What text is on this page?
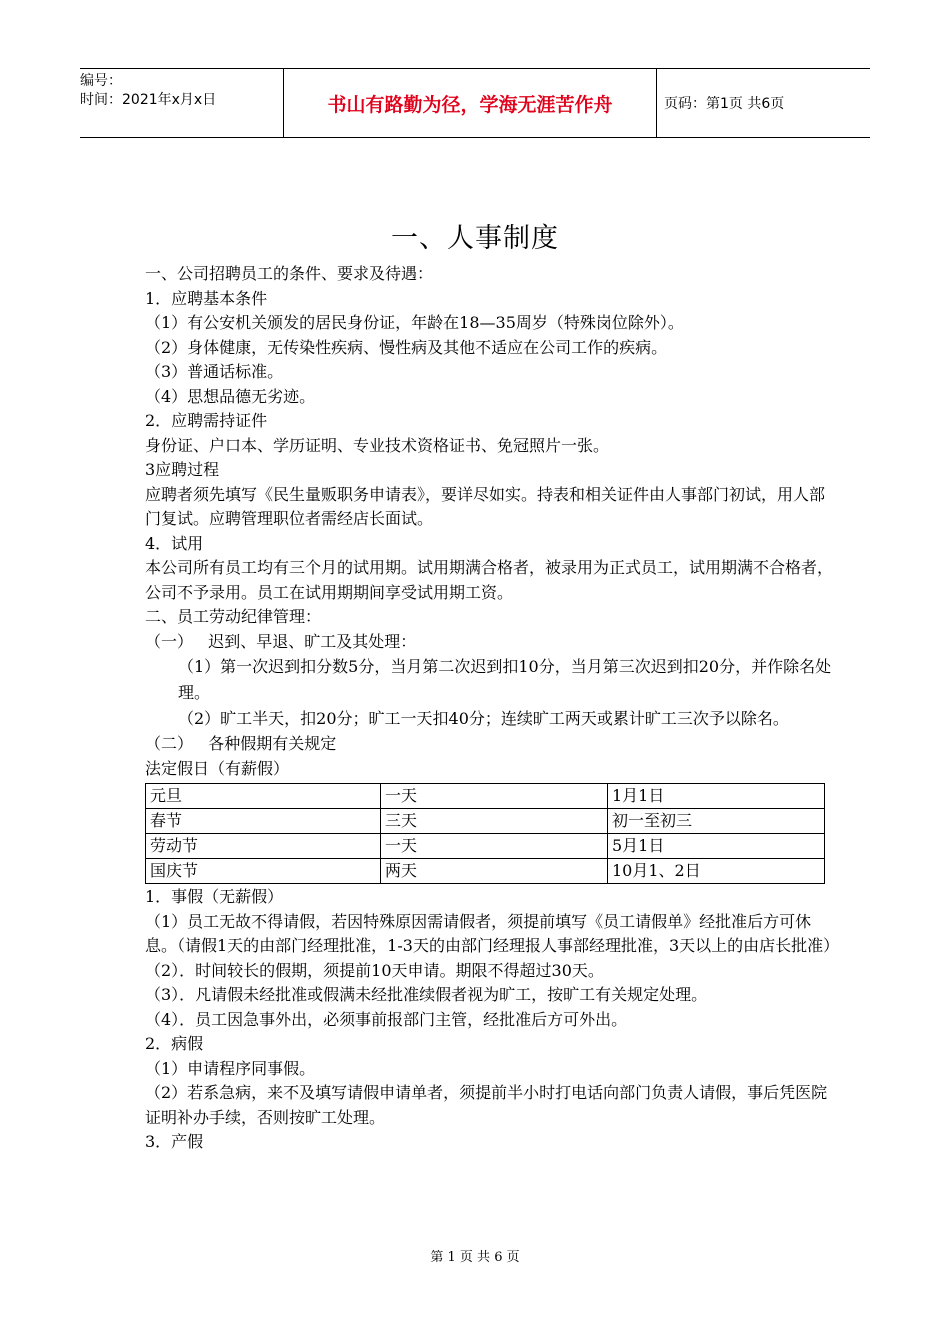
编号：
时间：2021年x月x日	书山有路勤为径，学海无涯苦作舟	页码：第1页 共6页
一、人事制度
一、公司招聘员工的条件、要求及待遇：
1．应聘基本条件
（1）有公安机关颁发的居民身份证，年龄在18—35周岁（特殊岗位除外）。
（2）身体健康，无传染性疾病、慢性病及其他不适应在公司工作的疾病。
（3）普通话标准。
（4）思想品德无劣迹。
2．应聘需持证件
身份证、户口本、学历证明、专业技术资格证书、免冠照片一张。
3应聘过程
应聘者须先填写《民生量贩职务申请表》，要详尽如实。持表和相关证件由人事部门初试，用人部门复试。应聘管理职位者需经店长面试。
4．试用
本公司所有员工均有三个月的试用期。试用期满合格者，被录用为正式员工，试用期满不合格者，公司不予录用。员工在试用期期间享受试用期工资。
二、员工劳动纪律管理：
（一）   迟到、早退、旷工及其处理：
（1）第一次迟到扣分数5分，当月第二次迟到扣10分，当月第三次迟到扣20分，并作除名处理。
（2）旷工半天，扣20分；旷工一天扣40分；连续旷工两天或累计旷工三次予以除名。
（二）   各种假期有关规定
法定假日（有薪假）
元旦	一天	1月1日
春节	三天	初一至初三
劳动节	一天	5月1日
国庆节	两天	10月1、2日
1．事假（无薪假）
（1）员工无故不得请假，若因特殊原因需请假者，须提前填写《员工请假单》经批准后方可休息。（请假1天的由部门经理批准，1-3天的由部门经理报人事部经理批准，3天以上的由店长批准）
（2）．时间较长的假期，须提前10天申请。期限不得超过30天。
（3）．凡请假未经批准或假满未经批准续假者视为旷工，按旷工有关规定处理。
（4）．员工因急事外出，必须事前报部门主管，经批准后方可外出。
2．病假
（1）申请程序同事假。
（2）若系急病，来不及填写请假申请单者，须提前半小时打电话向部门负责人请假，事后凭医院证明补办手续，否则按旷工处理。
3．产假
第 1 页 共 6 页
